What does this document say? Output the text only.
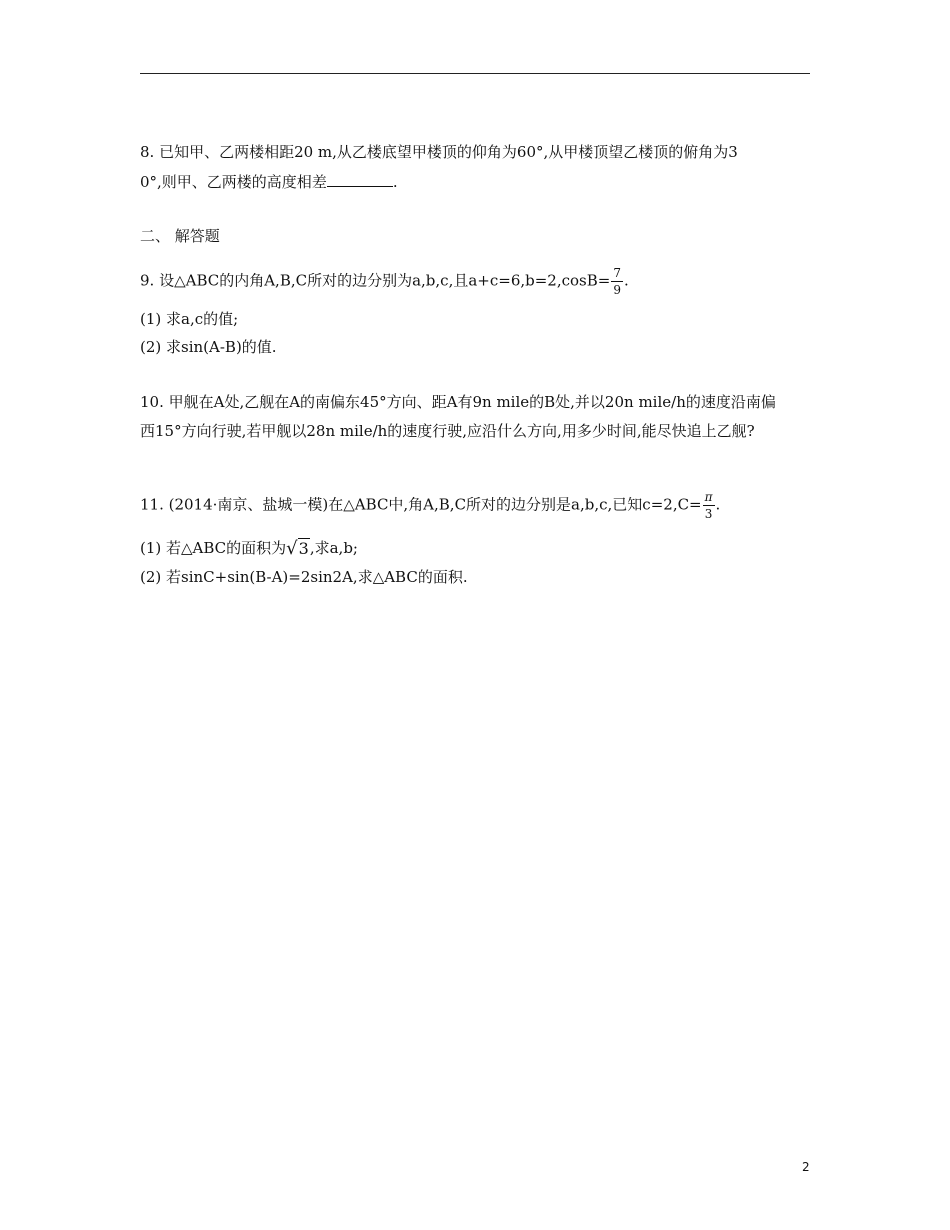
8. 已知甲、乙两楼相距20 m,从乙楼底望甲楼顶的仰角为60°,从甲楼顶望乙楼顶的俯角为3
0°,则甲、乙两楼的高度相差	.
二、 解答题
9. 设△ABC的内角A,B,C所对的边分别为a,b,c,且$a+c=6,b=2,\cos B= \frac{7}{9}$ .
(1) 求a,c的值;
(2) 求sin(A-B)的值.
10. 甲舰在A处,乙舰在A的南偏东45°方向、距A有9n mile的B处,并以20n mile/h的速度沿南偏
西15°方向行驶,若甲舰以28n mile/h的速度行驶,应沿什么方向,用多少时间,能尽快追上乙舰?
11. (2014·南京、盐城一模)在△ABC中,角A,B,C所对的边分别是a,b,c,已知$c=2,C= \frac{\pi}{3}$ .
(1) 若△ABC的面积为√3,求a,b;
(2) 若sinC+sin(B-A)=2sin2A,求△ABC的面积.
2
